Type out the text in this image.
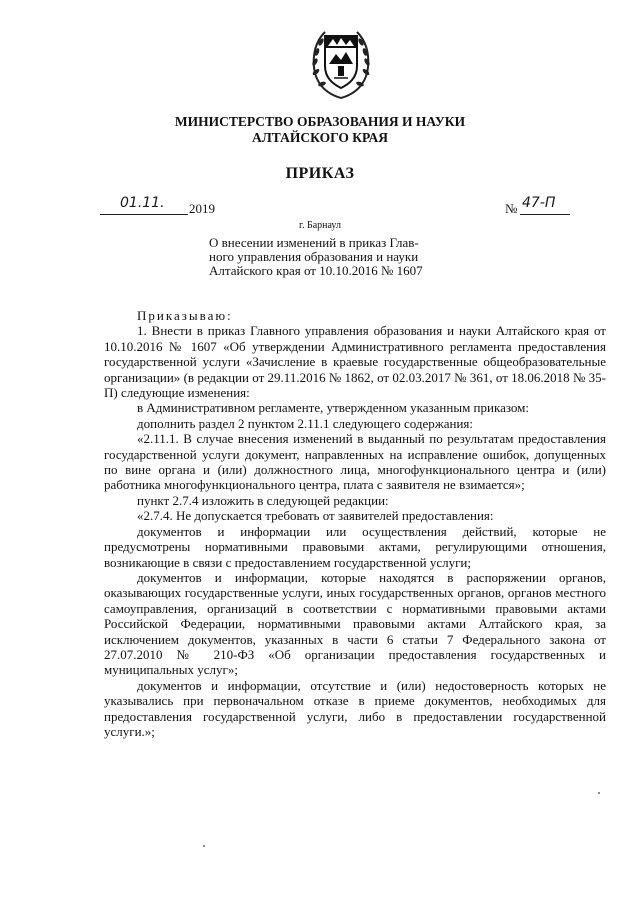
МИНИСТЕРСТВО ОБРАЗОВАНИЯ И НАУКИ
АЛТАЙСКОГО КРАЯ
ПРИКАЗ
01.11. 2019	№ 47-П
г. Барнаул
О внесении изменений в приказ Глав-
ного управления образования и науки
Алтайского края от 10.10.2016 № 1607

Приказываю:

1. Внести в приказ Главного управления образования и науки Алтайского края от 10.10.2016 № 1607 «Об утверждении Административного регламента предоставления государственной услуги «Зачисление в краевые государственные общеобразовательные организации» (в редакции от 29.11.2016 № 1862, от 02.03.2017 № 361, от 18.06.2018 № 35-П) следующие изменения:

в Административном регламенте, утвержденном указанным приказом:

дополнить раздел 2 пунктом 2.11.1 следующего содержания:

«2.11.1. В случае внесения изменений в выданный по результатам предоставления государственной услуги документ, направленных на исправление ошибок, допущенных по вине органа и (или) должностного лица, многофункционального центра и (или) работника многофункционального центра, плата с заявителя не взимается»;

пункт 2.7.4 изложить в следующей редакции:

«2.7.4. Не допускается требовать от заявителей предоставления:

документов и информации или осуществления действий, которые не предусмотрены нормативными правовыми актами, регулирующими отношения, возникающие в связи с предоставлением государственной услуги;

документов и информации, которые находятся в распоряжении органов, оказывающих государственные услуги, иных государственных органов, органов местного самоуправления, организаций в соответствии с нормативными правовыми актами Российской Федерации, нормативными правовыми актами Алтайского края, за исключением документов, указанных в части 6 статьи 7 Федерального закона от 27.07.2010 № 210-ФЗ «Об организации предоставления государственных и муниципальных услуг»;

документов и информации, отсутствие и (или) недостоверность которых не указывались при первоначальном отказе в приеме документов, необходимых для предоставления государственной услуги, либо в предоставлении государственной услуги.»;
